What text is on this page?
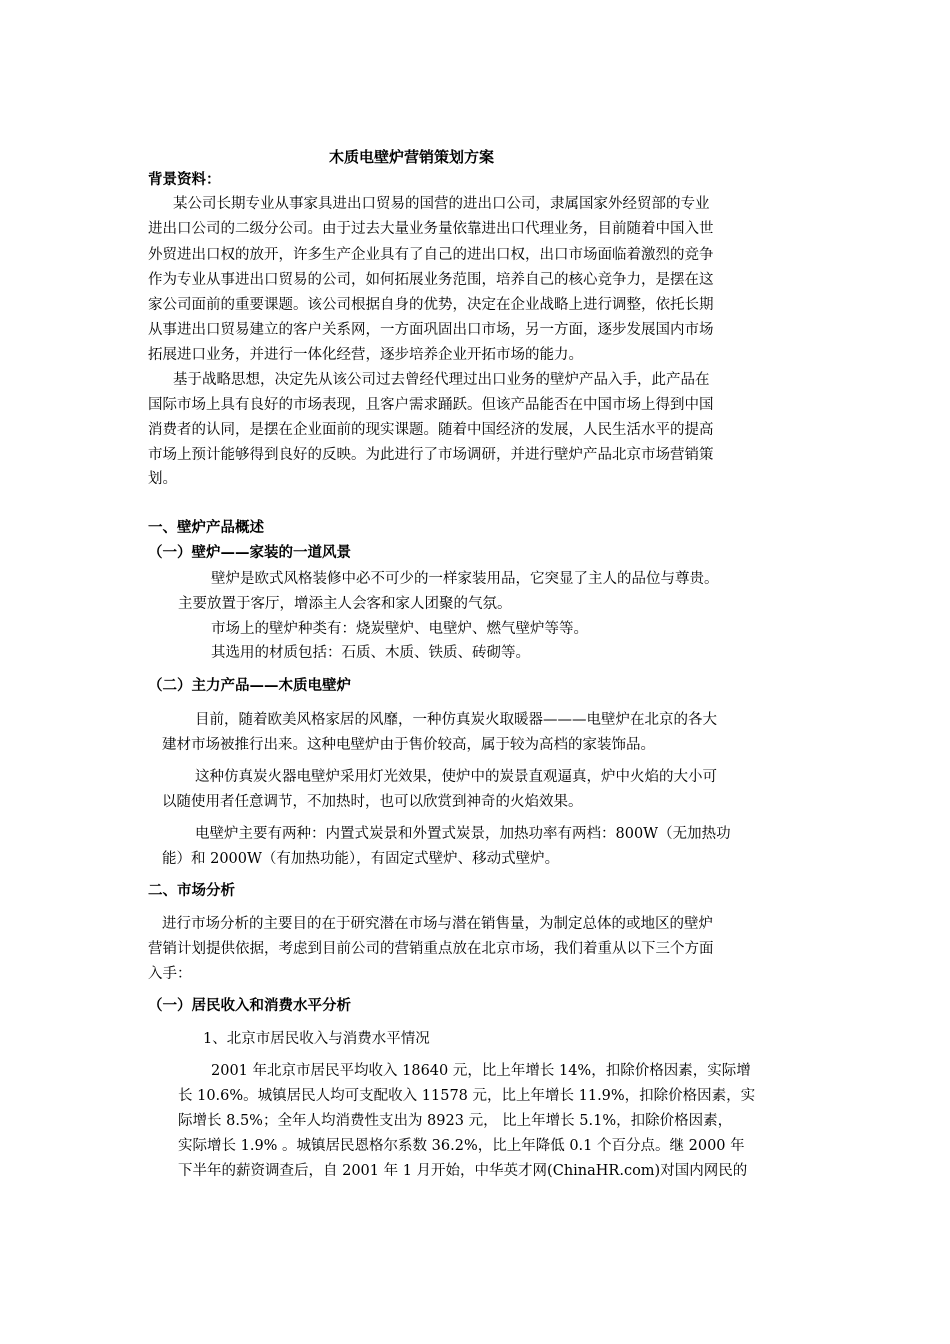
木质电壁炉营销策划方案
背景资料：
某公司长期专业从事家具进出口贸易的国营的进出口公司，隶属国家外经贸部的专业
进出口公司的二级分公司。由于过去大量业务量依靠进出口代理业务，目前随着中国入世
外贸进出口权的放开，许多生产企业具有了自己的进出口权，出口市场面临着激烈的竞争
作为专业从事进出口贸易的公司，如何拓展业务范围，培养自己的核心竞争力，是摆在这
家公司面前的重要课题。该公司根据自身的优势，决定在企业战略上进行调整，依托长期
从事进出口贸易建立的客户关系网，一方面巩固出口市场，另一方面，逐步发展国内市场
拓展进口业务，并进行一体化经营，逐步培养企业开拓市场的能力。
基于战略思想，决定先从该公司过去曾经代理过出口业务的壁炉产品入手，此产品在
国际市场上具有良好的市场表现，且客户需求踊跃。但该产品能否在中国市场上得到中国
消费者的认同，是摆在企业面前的现实课题。随着中国经济的发展，人民生活水平的提高
市场上预计能够得到良好的反映。为此进行了市场调研，并进行壁炉产品北京市场营销策
划。
一、壁炉产品概述
（一）壁炉——家装的一道风景
壁炉是欧式风格装修中必不可少的一样家装用品，它突显了主人的品位与尊贵。
主要放置于客厅，增添主人会客和家人团聚的气氛。
市场上的壁炉种类有：烧炭壁炉、电壁炉、燃气壁炉等等。
其选用的材质包括：石质、木质、铁质、砖砌等。
（二）主力产品——木质电壁炉
目前，随着欧美风格家居的风靡，一种仿真炭火取暖器———电壁炉在北京的各大
建材市场被推行出来。这种电壁炉由于售价较高，属于较为高档的家装饰品。
这种仿真炭火器电壁炉采用灯光效果，使炉中的炭景直观逼真，炉中火焰的大小可
以随使用者任意调节，不加热时，也可以欣赏到神奇的火焰效果。
电壁炉主要有两种：内置式炭景和外置式炭景，加热功率有两档：800W（无加热功
能）和 2000W（有加热功能），有固定式壁炉、移动式壁炉。
二、市场分析
进行市场分析的主要目的在于研究潜在市场与潜在销售量，为制定总体的或地区的壁炉
营销计划提供依据，考虑到目前公司的营销重点放在北京市场，我们着重从以下三个方面
入手：
（一）居民收入和消费水平分析
1、北京市居民收入与消费水平情况
2001 年北京市居民平均收入 18640 元，比上年增长 14%，扣除价格因素，实际增
长 10.6%。城镇居民人均可支配收入 11578 元，比上年增长 11.9%，扣除价格因素，实
际增长 8.5%；全年人均消费性支出为 8923 元， 比上年增长 5.1%，扣除价格因素，
实际增长 1.9% 。城镇居民恩格尔系数 36.2%，比上年降低 0.1 个百分点。继 2000 年
下半年的薪资调查后，自 2001 年 1 月开始，中华英才网(ChinaHR.com)对国内网民的
